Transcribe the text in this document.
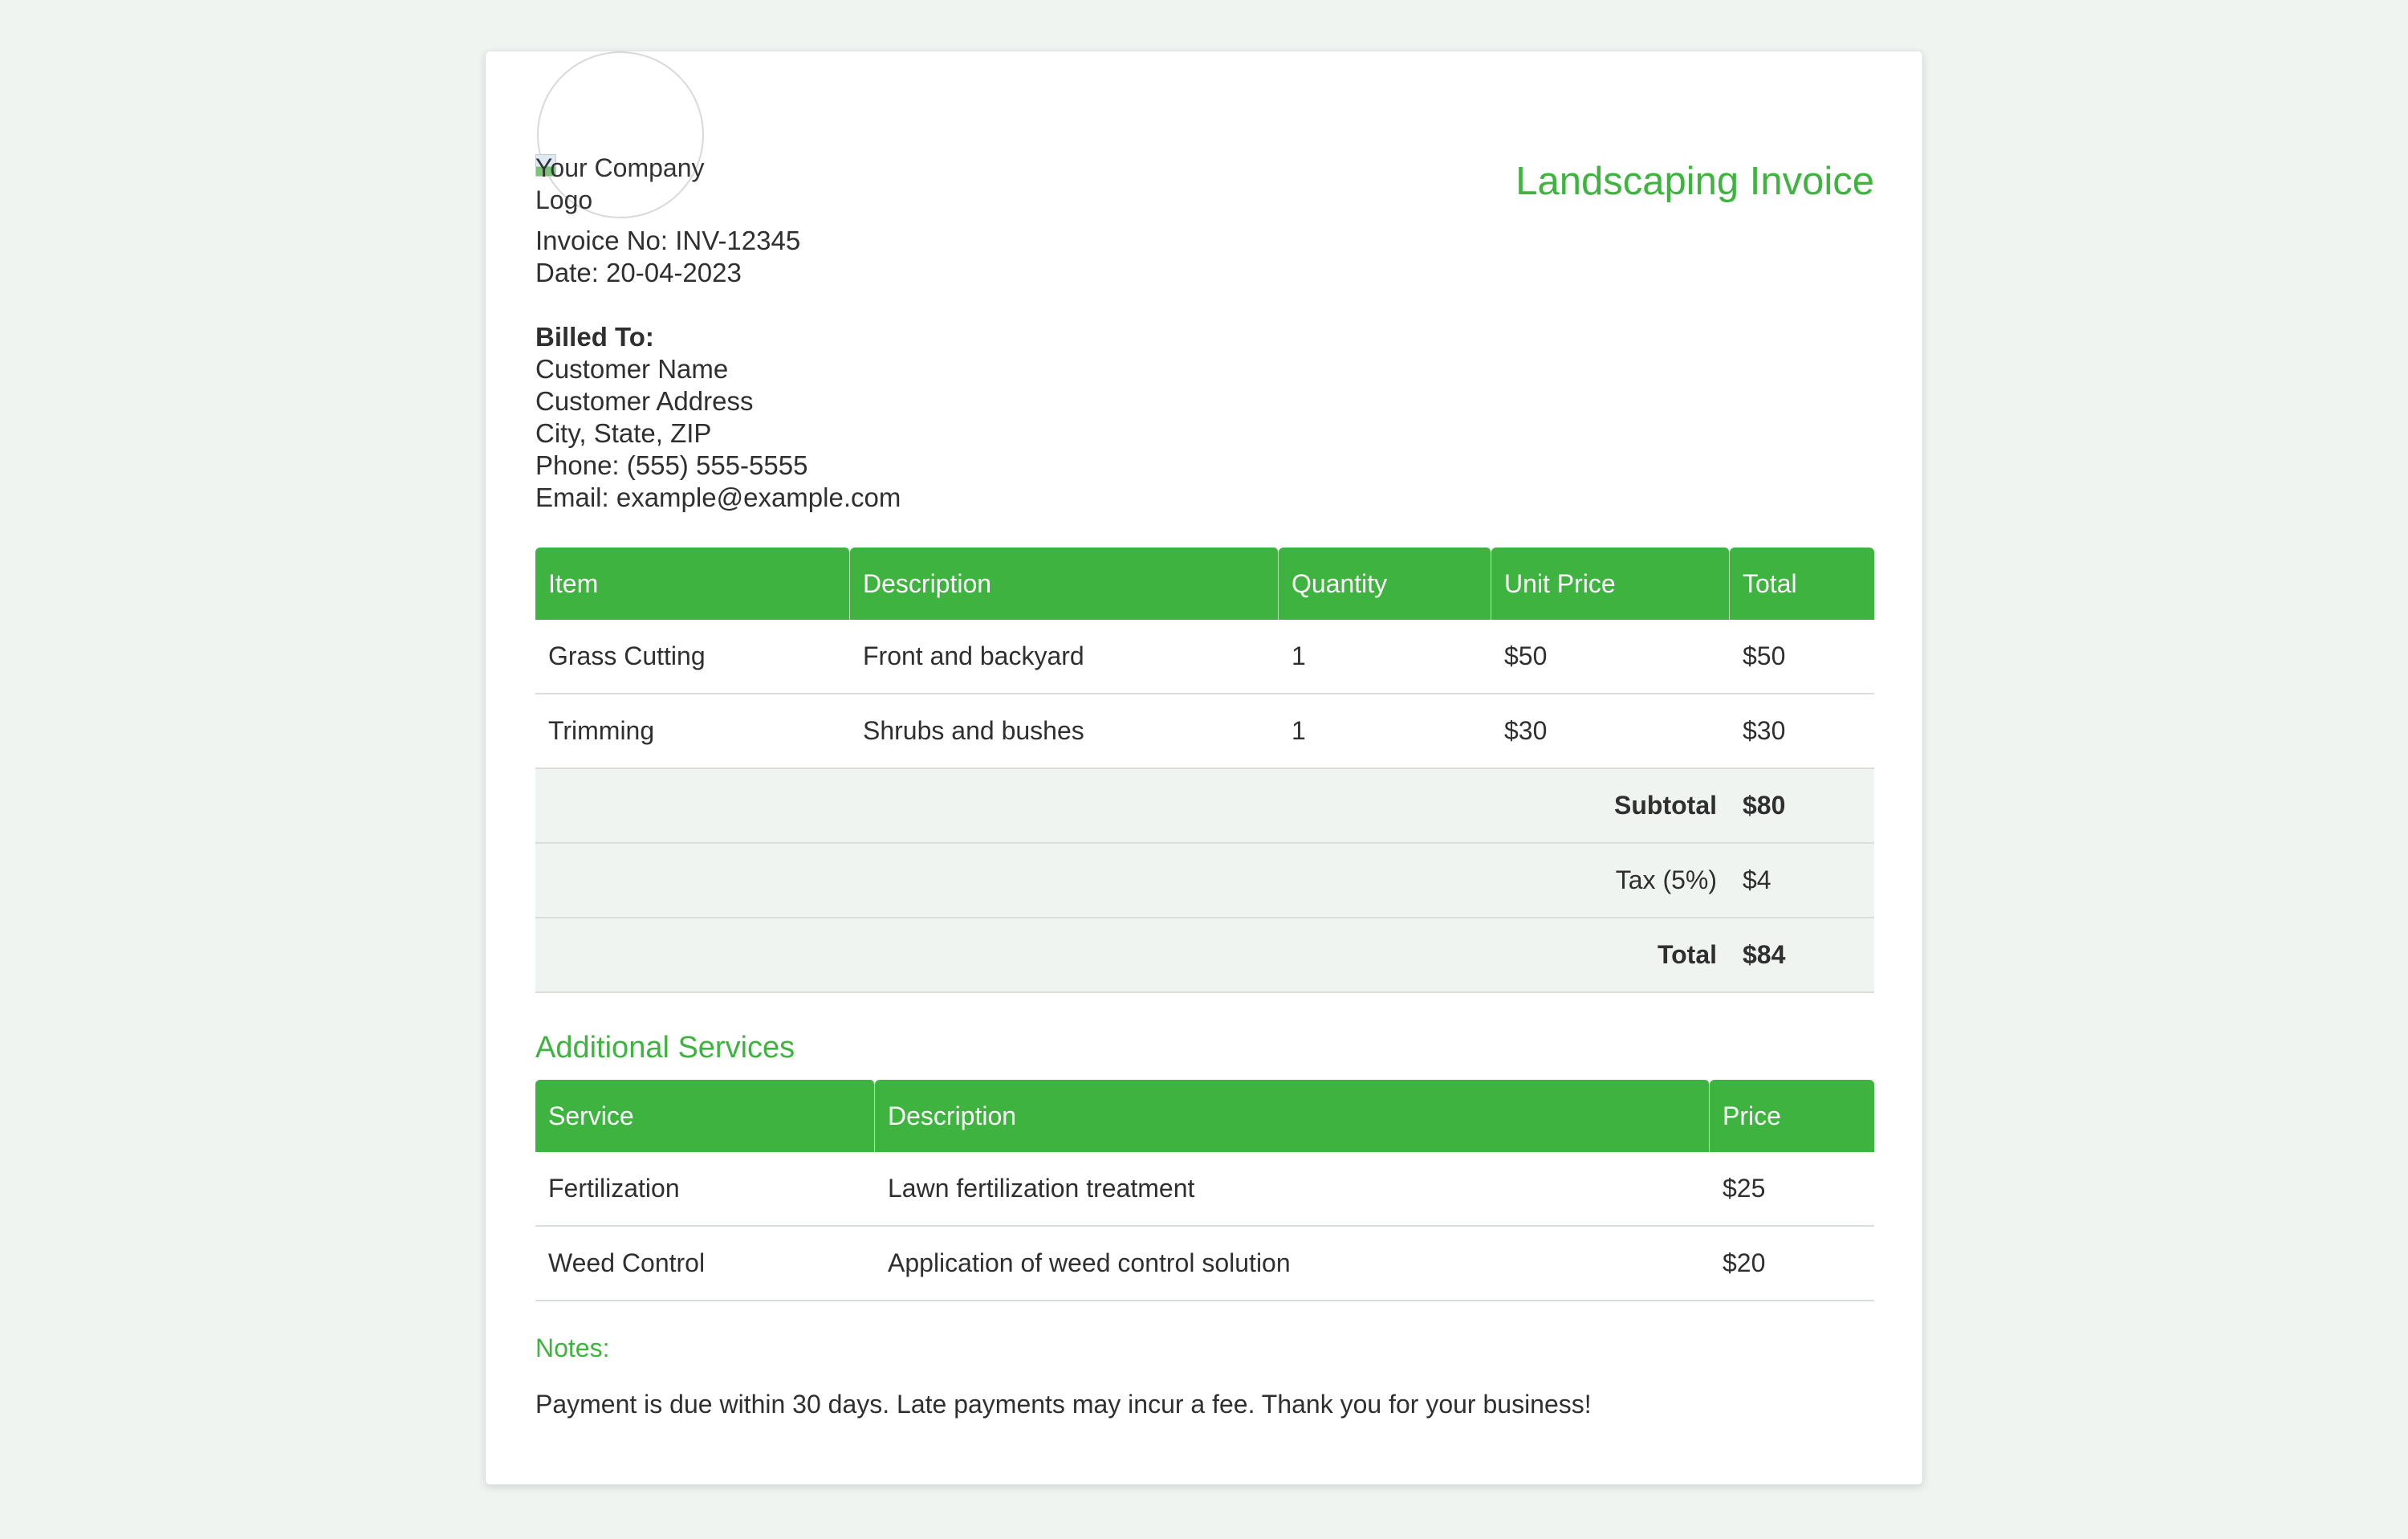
Your Company Logo	Landscaping Invoice
Invoice No: INV-12345
Date: 20-04-2023
Billed To:
Customer Name
Customer Address
City, State, ZIP
Phone: (555) 555-5555
Email: example@example.com
Item	Description	Quantity	Unit Price	Total
Grass Cutting	Front and backyard	1	$50	$50
Trimming	Shrubs and bushes	1	$30	$30
Subtotal				$80
Tax (5%)				$4
Total				$84
Additional Services
Service	Description	Price
Fertilization	Lawn fertilization treatment	$25
Weed Control	Application of weed control solution	$20
Notes:
Payment is due within 30 days. Late payments may incur a fee. Thank you for your business!
